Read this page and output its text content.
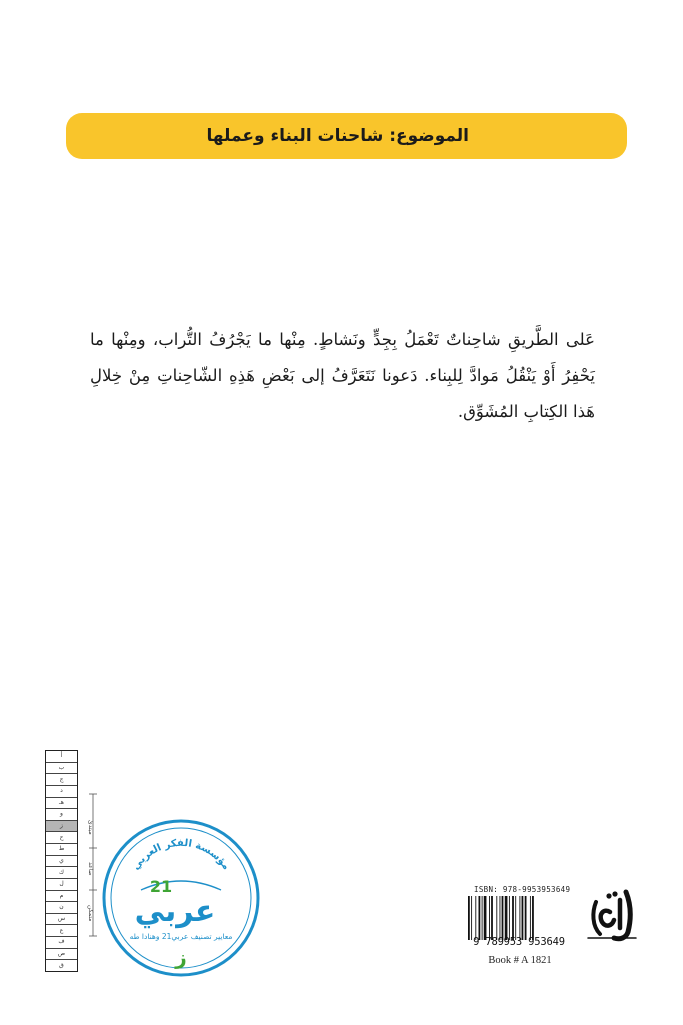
الموضوع: شاحنات البناء وعملها

عَلى الطَّريقِ شاحِناتٌ تَعْمَلُ بِجِدٍّ ونَشاطٍ. مِنْها ما يَجْرُفُ التُّراب، ومِنْها ما يَحْفِرُ أَوْ يَنْقُلُ مَوادَّ لِلبِناء. دَعونا نَتَعَرَّفُ إلى بَعْضِ هَذِهِ الشّاحِناتِ مِنْ خِلالِ هَذا الكِتابِ المُشَوِّق.

أ
ب
ج
د
هـ
و
ز
ح
ط
ي
ك
ل
م
ن
س
ع
ف
ص
ق
مبتدئ
صاعد
متمكن
مؤسسة الفكر العربي
عربي
21
معايير تصنيف عربي21 وهنادا طه
ز
ISBN: 978-9953953649
9 789953 953649
Book # A 1821
